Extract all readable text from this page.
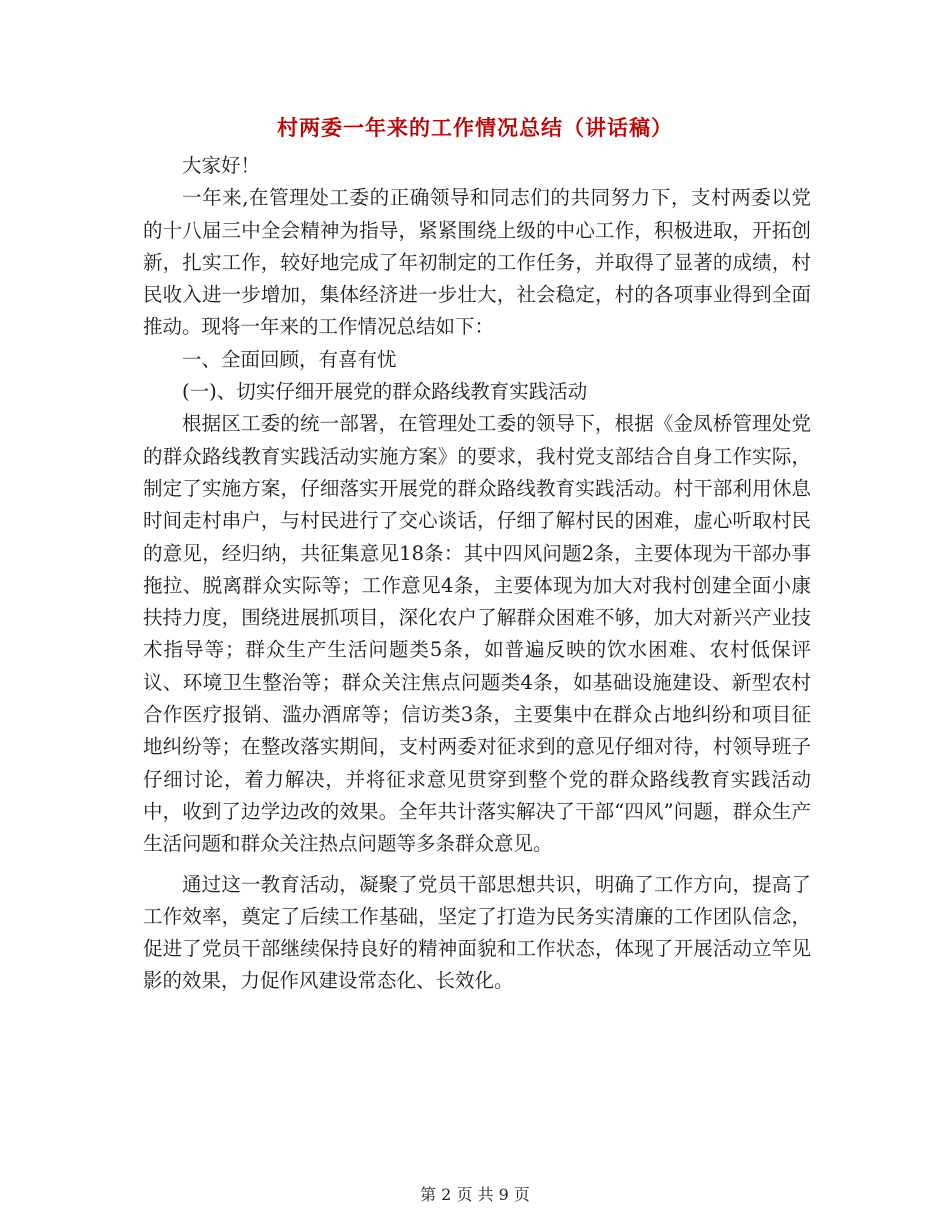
村两委一年来的工作情况总结（讲话稿）

大家好！

一年来,在管理处工委的正确领导和同志们的共同努力下，支村两委以党的十八届三中全会精神为指导，紧紧围绕上级的中心工作，积极进取，开拓创新，扎实工作，较好地完成了年初制定的工作任务，并取得了显著的成绩，村民收入进一步增加，集体经济进一步壮大，社会稳定，村的各项事业得到全面推动。现将一年来的工作情况总结如下：

一、全面回顾，有喜有忧

(一)、切实仔细开展党的群众路线教育实践活动

根据区工委的统一部署，在管理处工委的领导下，根据《金凤桥管理处党的群众路线教育实践活动实施方案》的要求，我村党支部结合自身工作实际，制定了实施方案，仔细落实开展党的群众路线教育实践活动。村干部利用休息时间走村串户，与村民进行了交心谈话，仔细了解村民的困难，虚心听取村民的意见，经归纳，共征集意见18条：其中四风问题2条，主要体现为干部办事拖拉、脱离群众实际等；工作意见4条，主要体现为加大对我村创建全面小康扶持力度，围绕进展抓项目，深化农户了解群众困难不够，加大对新兴产业技术指导等；群众生产生活问题类5条，如普遍反映的饮水困难、农村低保评议、环境卫生整治等；群众关注焦点问题类4条，如基础设施建设、新型农村合作医疗报销、滥办酒席等；信访类3条，主要集中在群众占地纠纷和项目征地纠纷等；在整改落实期间，支村两委对征求到的意见仔细对待，村领导班子仔细讨论，着力解决，并将征求意见贯穿到整个党的群众路线教育实践活动中，收到了边学边改的效果。全年共计落实解决了干部“四风”问题，群众生产生活问题和群众关注热点问题等多条群众意见。

通过这一教育活动，凝聚了党员干部思想共识，明确了工作方向，提高了工作效率，奠定了后续工作基础，坚定了打造为民务实清廉的工作团队信念，促进了党员干部继续保持良好的精神面貌和工作状态，体现了开展活动立竿见影的效果，力促作风建设常态化、长效化。

第 2 页 共 9 页
